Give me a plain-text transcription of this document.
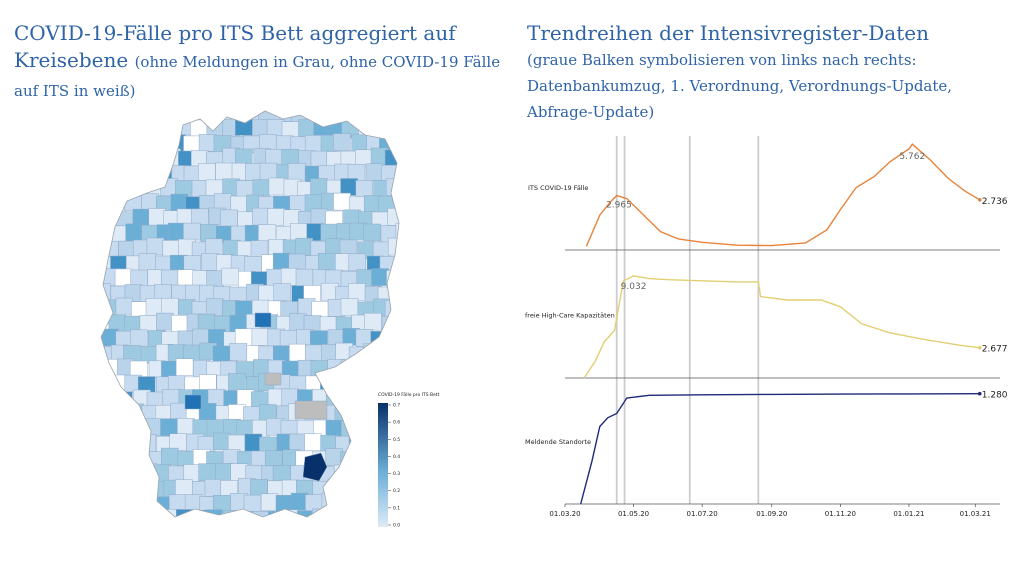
COVID-19-Fälle pro ITS Bett aggregiert auf Kreisebene (ohne Meldungen in Grau, ohne COVID-19 Fälle auf ITS in weiß)
Trendreihen der Intensivregister-Daten
(graue Balken symbolisieren von links nach rechts: Datenbankumzug, 1. Verordnung, Verordnungs-Update, Abfrage-Update)
COVID-19 Fälle pro ITS Bett
0.7
0.6
0.5
0.4
0.3
0.2
0.1
0.0
ITS COVID-19 Fälle
2.736
2.965
5.762
freie High-Care Kapazitäten
2.677
9.032
Meldende Standorte
1.280
01.03.20	01.05.20	01.07.20	01.09.20	01.11.20	01.01.21	01.03.21
